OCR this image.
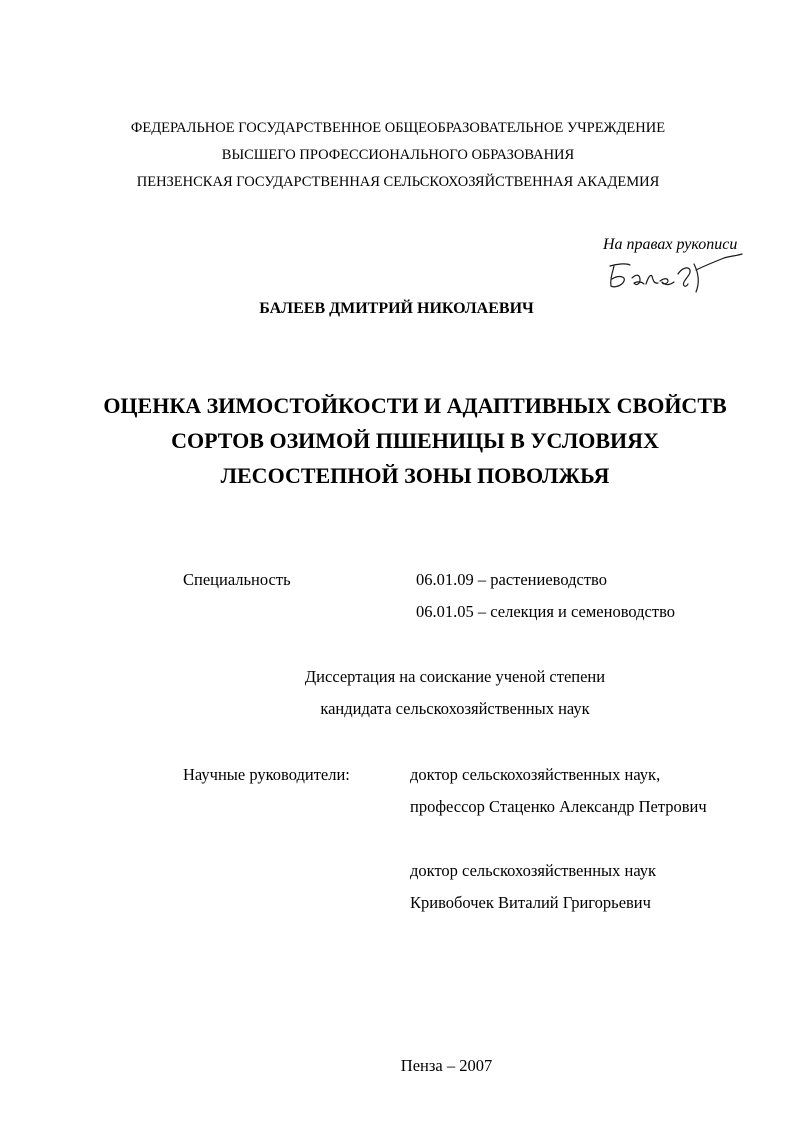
ФЕДЕРАЛЬНОЕ ГОСУДАРСТВЕННОЕ ОБЩЕОБРАЗОВАТЕЛЬНОЕ УЧРЕЖДЕНИЕ
ВЫСШЕГО ПРОФЕССИОНАЛЬНОГО ОБРАЗОВАНИЯ
ПЕНЗЕНСКАЯ ГОСУДАРСТВЕННАЯ СЕЛЬСКОХОЗЯЙСТВЕННАЯ АКАДЕМИЯ
На правах рукописи
БАЛЕЕВ ДМИТРИЙ НИКОЛАЕВИЧ
ОЦЕНКА ЗИМОСТОЙКОСТИ И АДАПТИВНЫХ СВОЙСТВ
СОРТОВ ОЗИМОЙ ПШЕНИЦЫ В УСЛОВИЯХ
ЛЕСОСТЕПНОЙ ЗОНЫ ПОВОЛЖЬЯ
Специальность	06.01.09 – растениеводство
06.01.05 – селекция и семеноводство
Диссертация на соискание ученой степени
кандидата сельскохозяйственных наук
Научные руководители:	доктор сельскохозяйственных наук,
профессор Стаценко Александр Петрович
доктор сельскохозяйственных наук
Кривобочек Виталий Григорьевич
Пенза – 2007
